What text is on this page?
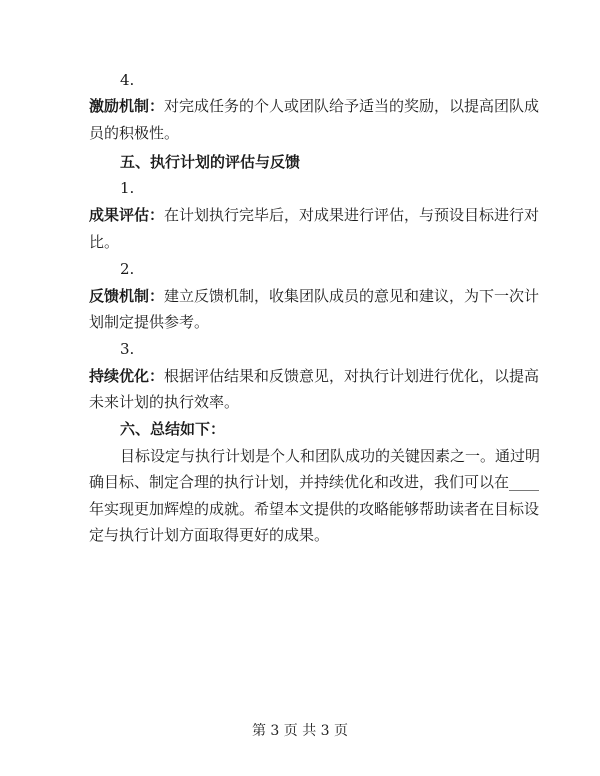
4.
激励机制：对完成任务的个人或团队给予适当的奖励，以提高团队成
员的积极性。
五、执行计划的评估与反馈
1.
成果评估：在计划执行完毕后，对成果进行评估，与预设目标进行对
比。
2.
反馈机制：建立反馈机制，收集团队成员的意见和建议，为下一次计
划制定提供参考。
3.
持续优化：根据评估结果和反馈意见，对执行计划进行优化，以提高
未来计划的执行效率。
六、总结如下：
目标设定与执行计划是个人和团队成功的关键因素之一。通过明
确目标、制定合理的执行计划，并持续优化和改进，我们可以在____
年实现更加辉煌的成就。希望本文提供的攻略能够帮助读者在目标设
定与执行计划方面取得更好的成果。
第 3 页 共 3 页
